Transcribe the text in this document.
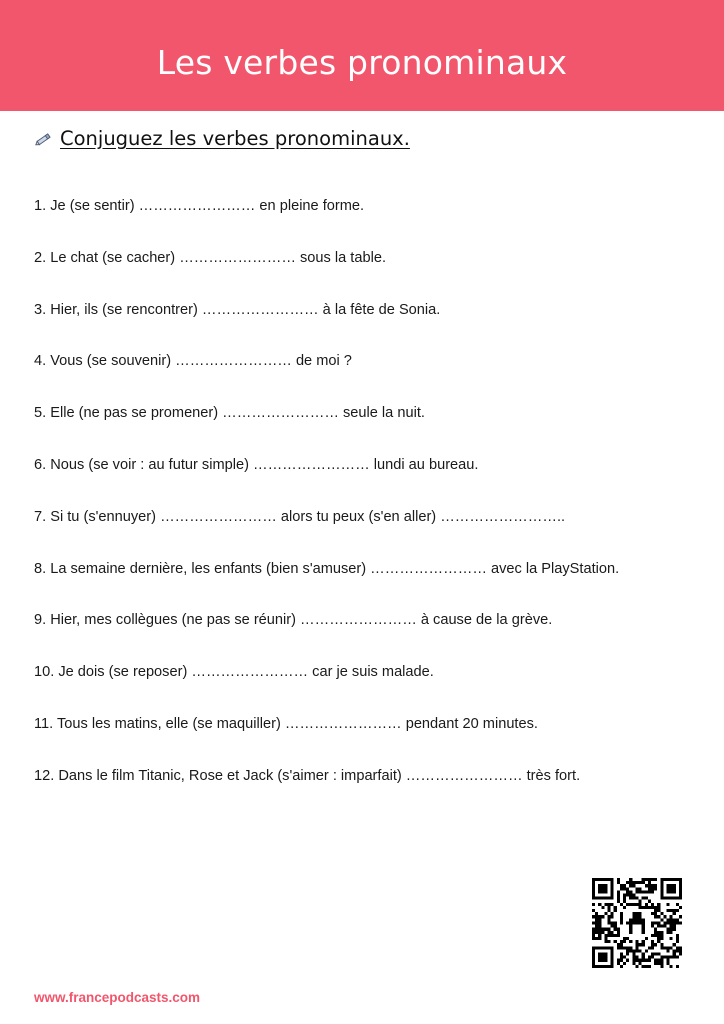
Les verbes pronominaux
Conjuguez les verbes pronominaux.
1. Je (se sentir) …………………… en pleine forme.
2. Le chat (se cacher) …………………… sous la table.
3. Hier, ils (se rencontrer) …………………… à la fête de Sonia.
4. Vous (se souvenir) …………………… de moi ?
5. Elle (ne pas se promener) …………………… seule la nuit.
6. Nous (se voir : au futur simple) …………………… lundi au bureau.
7. Si tu (s'ennuyer) …………………… alors tu peux (s'en aller) ……………………..
8. La semaine dernière, les enfants (bien s'amuser) …………………… avec la PlayStation.
9. Hier, mes collègues (ne pas se réunir) …………………… à cause de la grève.
10. Je dois (se reposer) …………………… car je suis malade.
11. Tous les matins, elle (se maquiller) …………………… pendant 20 minutes.
12. Dans le film Titanic, Rose et Jack (s'aimer : imparfait) …………………… très fort.
www.francepodcasts.com
